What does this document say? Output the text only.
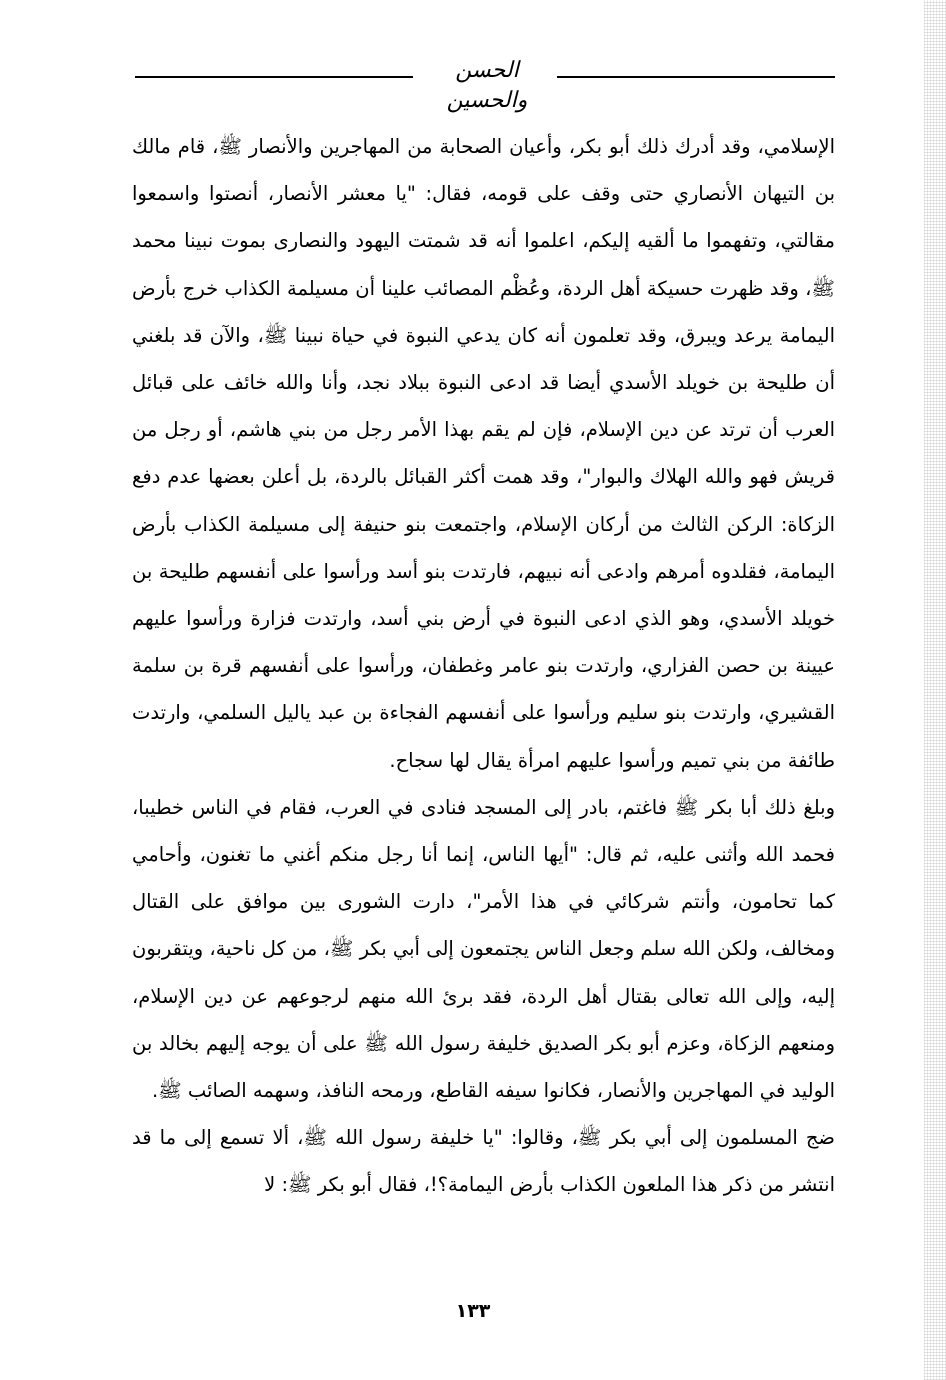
الحسن والحسين

الإسلامي، وقد أدرك ذلك أبو بكر، وأعيان الصحابة من المهاجرين والأنصار ﷺ، قام مالك بن التيهان الأنصاري حتى وقف على قومه، فقال: "يا معشر الأنصار، أنصتوا واسمعوا مقالتي، وتفهموا ما ألقيه إليكم، اعلموا أنه قد شمتت اليهود والنصارى بموت نبينا محمد ﷺ، وقد ظهرت حسيكة أهل الردة، وعُظْم المصائب علينا أن مسيلمة الكذاب خرج بأرض اليمامة يرعد ويبرق، وقد تعلمون أنه كان يدعي النبوة في حياة نبينا ﷺ، والآن قد بلغني أن طليحة بن خويلد الأسدي أيضا قد ادعى النبوة ببلاد نجد، وأنا والله خائف على قبائل العرب أن ترتد عن دين الإسلام، فإن لم يقم بهذا الأمر رجل من بني هاشم، أو رجل من قريش فهو والله الهلاك والبوار"، وقد همت أكثر القبائل بالردة، بل أعلن بعضها عدم دفع الزكاة: الركن الثالث من أركان الإسلام، واجتمعت بنو حنيفة إلى مسيلمة الكذاب بأرض اليمامة، فقلدوه أمرهم وادعى أنه نبيهم، فارتدت بنو أسد ورأسوا على أنفسهم طليحة بن خويلد الأسدي، وهو الذي ادعى النبوة في أرض بني أسد، وارتدت فزارة ورأسوا عليهم عيينة بن حصن الفزاري، وارتدت بنو عامر وغطفان، ورأسوا على أنفسهم قرة بن سلمة القشيري، وارتدت بنو سليم ورأسوا على أنفسهم الفجاءة بن عبد ياليل السلمي، وارتدت طائفة من بني تميم ورأسوا عليهم امرأة يقال لها سجاح.

وبلغ ذلك أبا بكر ﷺ فاغتم، بادر إلى المسجد فنادى في العرب، فقام في الناس خطيبا، فحمد الله وأثنى عليه، ثم قال: "أيها الناس، إنما أنا رجل منكم أغني ما تغنون، وأحامي كما تحامون، وأنتم شركائي في هذا الأمر"، دارت الشورى بين موافق على القتال ومخالف، ولكن الله سلم وجعل الناس يجتمعون إلى أبي بكر ﷺ، من كل ناحية، ويتقربون إليه، وإلى الله تعالى بقتال أهل الردة، فقد برئ الله منهم لرجوعهم عن دين الإسلام، ومنعهم الزكاة، وعزم أبو بكر الصديق خليفة رسول الله ﷺ على أن يوجه إليهم بخالد بن الوليد في المهاجرين والأنصار، فكانوا سيفه القاطع، ورمحه النافذ، وسهمه الصائب ﷺ.

ضج المسلمون إلى أبي بكر ﷺ، وقالوا: "يا خليفة رسول الله ﷺ، ألا تسمع إلى ما قد انتشر من ذكر هذا الملعون الكذاب بأرض اليمامة؟!، فقال أبو بكر ﷺ: لا

١٣٣
